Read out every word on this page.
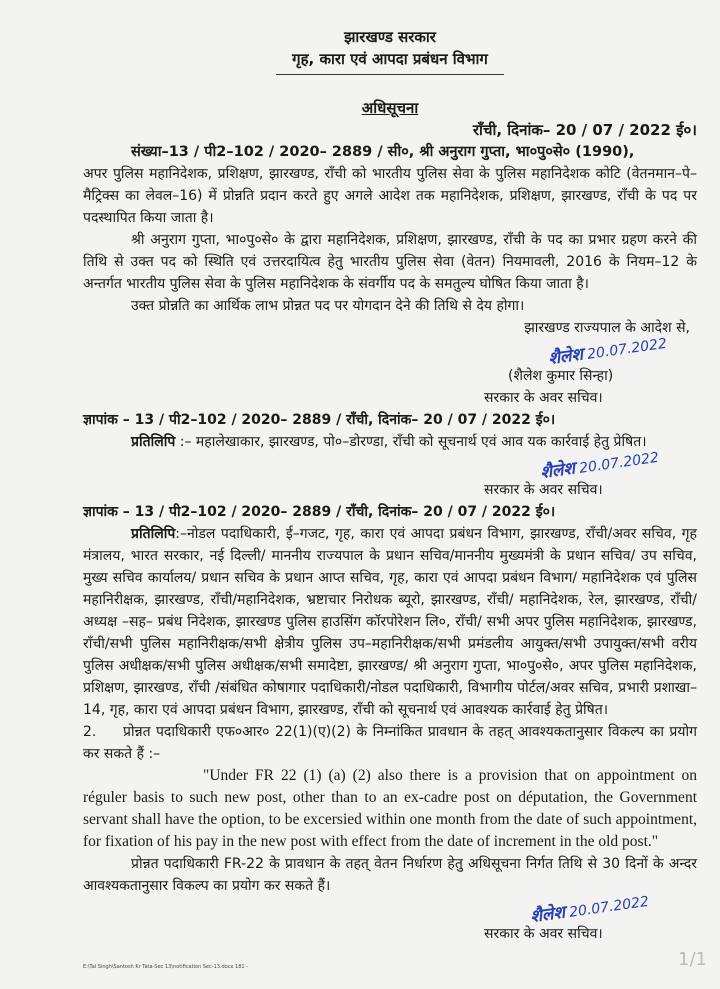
झारखण्ड सरकार
गृह, कारा एवं आपदा प्रबंधन विभाग
अधिसूचना
राँची, दिनांक– 20 / 07 / 2022 ई०।
संख्या–13 / पी2–102 / 2020– 2889 / सी०, श्री अनुराग गुप्ता, भा०पु०से० (1990),
अपर पुलिस महानिदेशक, प्रशिक्षण, झारखण्ड, राँची को भारतीय पुलिस सेवा के पुलिस महानिदेशक कोटि (वेतनमान–पे–मैट्रिक्स का लेवल–16) में प्रोन्नति प्रदान करते हुए अगले आदेश तक महानिदेशक, प्रशिक्षण, झारखण्ड, राँची के पद पर पदस्थापित किया जाता है।
श्री अनुराग गुप्ता, भा०पु०से० के द्वारा महानिदेशक, प्रशिक्षण, झारखण्ड, राँची के पद का प्रभार ग्रहण करने की तिथि से उक्त पद को स्थिति एवं उत्तरदायित्व हेतु भारतीय पुलिस सेवा (वेतन) नियमावली, 2016 के नियम–12 के अन्तर्गत भारतीय पुलिस सेवा के पुलिस महानिदेशक के संवर्गीय पद के समतुल्य घोषित किया जाता है।
उक्त प्रोन्नति का आर्थिक लाभ प्रोन्नत पद पर योगदान देने की तिथि से देय होगा।
झारखण्ड राज्यपाल के आदेश से,
शैलेश 20.07.2022
(शैलेश कुमार सिन्हा)
सरकार के अवर सचिव।
ज्ञापांक – 13 / पी2–102 / 2020– 2889 / राँची, दिनांक– 20 / 07 / 2022 ई०।
प्रतिलिपि :– महालेखाकार, झारखण्ड, पो०–डोरण्डा, राँची को सूचनार्थ एवं आव यक कार्रवाई हेतु प्रेषित।
शैलेश 20.07.2022
सरकार के अवर सचिव।
ज्ञापांक – 13 / पी2–102 / 2020– 2889 / राँची, दिनांक– 20 / 07 / 2022 ई०।
प्रतिलिपि:–नोडल पदाधिकारी, ई–गजट, गृह, कारा एवं आपदा प्रबंधन विभाग, झारखण्ड, राँची/अवर सचिव, गृह मंत्रालय, भारत सरकार, नई दिल्ली/ माननीय राज्यपाल के प्रधान सचिव/माननीय मुख्यमंत्री के प्रधान सचिव/ उप सचिव, मुख्य सचिव कार्यालय/ प्रधान सचिव के प्रधान आप्त सचिव, गृह, कारा एवं आपदा प्रबंधन विभाग/ महानिदेशक एवं पुलिस महानिरीक्षक, झारखण्ड, राँची/महानिदेशक, भ्रष्टाचार निरोधक ब्यूरो, झारखण्ड, राँची/ महानिदेशक, रेल, झारखण्ड, राँची/अध्यक्ष –सह– प्रबंध निदेशक, झारखण्ड पुलिस हाउसिंग कॉरपोरेशन लि०, राँची/ सभी अपर पुलिस महानिदेशक, झारखण्ड, राँची/सभी पुलिस महानिरीक्षक/सभी क्षेत्रीय पुलिस उप–महानिरीक्षक/सभी प्रमंडलीय आयुक्त/सभी उपायुक्त/सभी वरीय पुलिस अधीक्षक/सभी पुलिस अधीक्षक/सभी समादेष्टा, झारखण्ड/ श्री अनुराग गुप्ता, भा०पु०से०, अपर पुलिस महानिदेशक, प्रशिक्षण, झारखण्ड, राँची /संबंधित कोषागार पदाधिकारी/नोडल पदाधिकारी, विभागीय पोर्टल/अवर सचिव, प्रभारी प्रशाखा–14, गृह, कारा एवं आपदा प्रबंधन विभाग, झारखण्ड, राँची को सूचनार्थ एवं आवश्यक कार्रवाई हेतु प्रेषित।
2. प्रोन्नत पदाधिकारी एफ०आर० 22(1)(ए)(2) के निम्नांकित प्रावधान के तहत् आवश्यकतानुसार विकल्प का प्रयोग कर सकते हैं :–
"Under FR 22 (1) (a) (2) also there is a provision that on appointment on réguler basis to such new post, other than to an ex-cadre post on députation, the Government servant shall have the option, to be excersied within one month from the date of such appointment, for fixation of his pay in the new post with effect from the date of increment in the old post."
प्रोन्नत पदाधिकारी FR-22 के प्रावधान के तहत् वेतन निर्धारण हेतु अधिसूचना निर्गत तिथि से 30 दिनों के अन्दर आवश्यकतानुसार विकल्प का प्रयोग कर सकते हैं।
शैलेश 20.07.2022
सरकार के अवर सचिव।
E:\Tal Singh\Santosh Kr Tata-Sec 13\notification Sec-13.docx 181 -	1/1
